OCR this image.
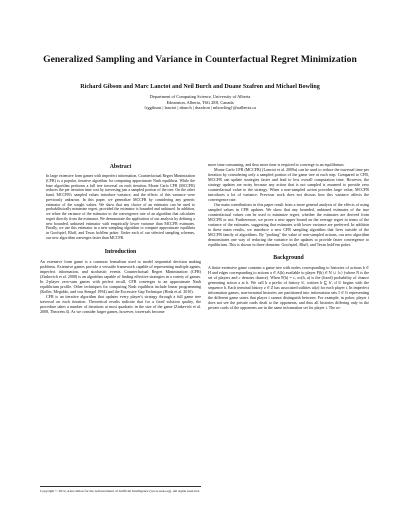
Generalized Sampling and Variance in Counterfactual Regret Minimization
Richard Gibson and Marc Lanctot and Neil Burch and Duane Szafron and Michael Bowling
Department of Computing Science, University of Alberta
Edmonton, Alberta, T6G 2E8, Canada
{rggibson | lanctot | nburch | dszafron | mbowling}@ualberta.ca
Abstract
In large extensive form games with imperfect information, Counterfactual Regret Minimization (CFR) is a popular, iterative algorithm for computing approximate Nash equilibria. While the base algorithm performs a full tree traversal on each iteration, Monte Carlo CFR (MCCFR) reduces the per iteration time cost by traversing just a sampled portion of the tree. On the other hand, MCCFR's sampled values introduce variance, and the effects of this variance were previously unknown. In this paper, we generalize MCCFR by considering any generic estimator of the sought values. We show that any choice of an estimator can be used to probabilistically minimize regret, provided the estimator is bounded and unbiased. In addition, we relate the variance of the estimator to the convergence rate of an algorithm that calculates regret directly from the estimator. We demonstrate the application of our analysis by defining a new bounded, unbiased estimator with empirically lower variance than MCCFR estimates. Finally, we use this estimator in a new sampling algorithm to compute approximate equilibria in Goofspiel, Bluff, and Texas hold'em poker. Under each of our selected sampling schemes, our new algorithm converges faster than MCCFR.
Introduction

An extensive form game is a common formalism used to model sequential decision making problems. Extensive games provide a versatile framework capable of representing multiple agents, imperfect information, and stochastic events. Counterfactual Regret Minimization (CFR) (Zinkevich et al. 2008) is an algorithm capable of finding effective strategies in a variety of games. In 2-player zero-sum games with perfect recall, CFR converges to an approximate Nash equilibrium profile. Other techniques for computing Nash equilibria include linear programming (Koller, Megiddo, and von Stengel 1994) and the Excessive Gap Technique (Hoda et al. 2010).

CFR is an iterative algorithm that updates every player's strategy through a full game tree traversal on each iteration. Theoretical results indicate that for a fixed solution quality, the procedure takes a number of iterations at most quadratic in the size of the game (Zinkevich et al. 2008, Theorem 4). As we consider larger games, however, traversals become

more time consuming, and thus more time is required to converge to an equilibrium.

Monte Carlo CFR (MCCFR) (Lanctot et al. 2009a) can be used to reduce the traversal time per iteration by considering only a sampled portion of the game tree at each step. Compared to CFR, MCCFR can update strategies faster and lead to less overall computation time. However, the strategy updates are noisy because any action that is not sampled is assumed to provide zero counterfactual value to the strategy. When a non-sampled action provides large value, MCCFR introduces a lot of variance. Previous work does not discuss how this variance affects the convergence rate.

Our main contributions in this paper result from a more general analysis of the effects of using sampled values in CFR updates. We show that any bounded, unbiased estimates of the true counterfactual values can be used to minimize regret, whether the estimates are derived from MCCFR or not. Furthermore, we prove a new upper bound on the average regret in terms of the variance of the estimates, suggesting that estimates with lower variance are preferred. In addition to these main results, we introduce a new CFR sampling algorithm that lives outside of the MCCFR family of algorithms. By "probing" the value of non-sampled actions, our new algorithm demonstrates one way of reducing the variance in the updates to provide faster convergence to equilibrium. This is shown in three domains: Goofspiel, Bluff, and Texas hold'em poker.

Background

A finite extensive game contains a game tree with nodes corresponding to histories of actions h ∈ H and edges corresponding to actions a ∈ A(h) available to player P(h) ∈ N ∪ {c} (where N is the set of players and c denotes chance). When P(h) = c, σc(h, a) is the (fixed) probability of chance generating action a at h. We call h a prefix of history h′, written h ⊑ h′, if h′ begins with the sequence h. Each terminal history z ∈ Z has associated utilities ui(z) for each player i. In imperfect information games, non-terminal histories are partitioned into information sets I ∈ Ii representing the different game states that player i cannot distinguish between. For example, in poker, player i does not see the private cards dealt to the opponents, and thus all histories differing only in the private cards of the opponents are in the same information set for player i. The ac-

Copyright © 2012, Association for the Advancement of Artificial Intelligence (www.aaai.org). All rights reserved.
